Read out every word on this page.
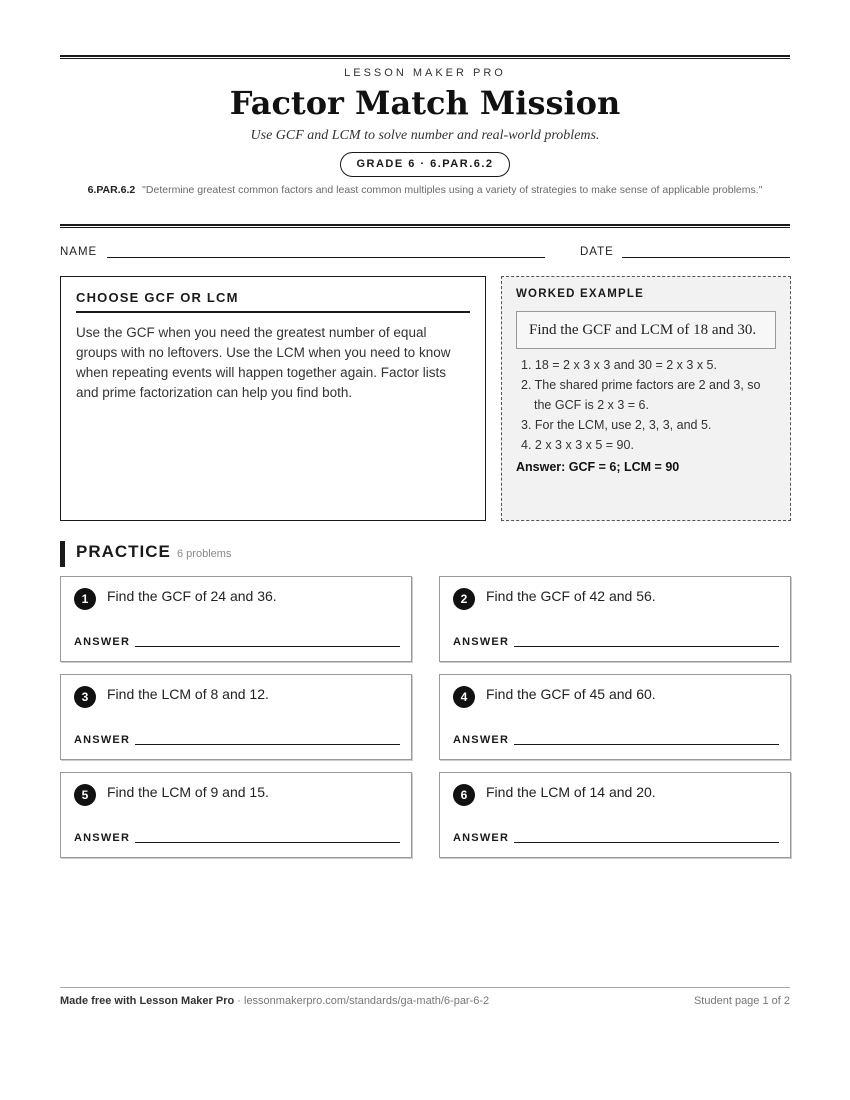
LESSON MAKER PRO
Factor Match Mission
Use GCF and LCM to solve number and real-world problems.
GRADE 6 · 6.PAR.6.2
6.PAR.6.2 "Determine greatest common factors and least common multiples using a variety of strategies to make sense of applicable problems."
NAME	DATE
CHOOSE GCF OR LCM
Use the GCF when you need the greatest number of equal groups with no leftovers. Use the LCM when you need to know when repeating events will happen together again. Factor lists and prime factorization can help you find both.
WORKED EXAMPLE
Find the GCF and LCM of 18 and 30.
1. 18 = 2 x 3 x 3 and 30 = 2 x 3 x 5.
2. The shared prime factors are 2 and 3, so the GCF is 2 x 3 = 6.
3. For the LCM, use 2, 3, 3, and 5.
4. 2 x 3 x 3 x 5 = 90.
Answer: GCF = 6; LCM = 90
PRACTICE 6 problems
1	Find the GCF of 24 and 36.
ANSWER
2	Find the GCF of 42 and 56.
ANSWER
3	Find the LCM of 8 and 12.
ANSWER
4	Find the GCF of 45 and 60.
ANSWER
5	Find the LCM of 9 and 15.
ANSWER
6	Find the LCM of 14 and 20.
ANSWER
Made free with Lesson Maker Pro · lessonmakerpro.com/standards/ga-math/6-par-6-2	Student page 1 of 2
